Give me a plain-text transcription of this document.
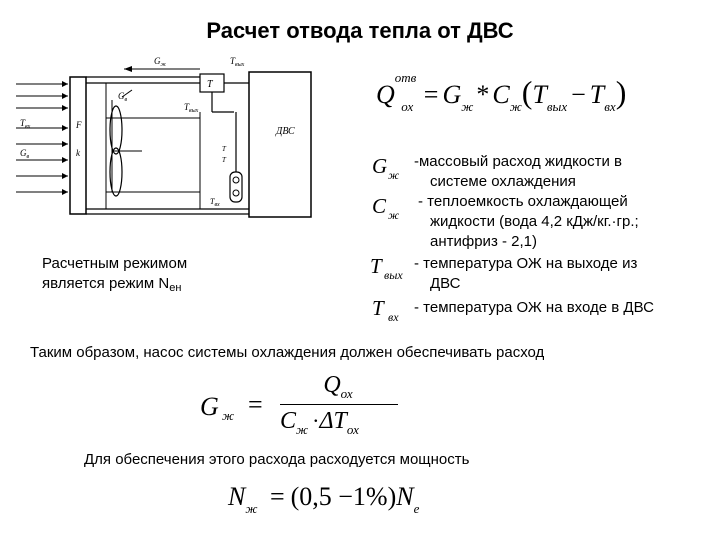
Расчет отвода тепла от ДВС
ДВС
T
$G_ж$	$T_{вых}$
$G_в$
$T_{вых}$
T
T
$T_{вх}$
$T_{вх}$
$G_в$
F
k
Q
отв
$_{ох} = G_ж * C_ж(T_{вых} - T_{вх})$
G ж
-массовый расход жидкости в
системе охлаждения
C ж
- теплоемкость охлаждающей
жидкости (вода 4,2 кДж/кг.·гр.;
антифриз - 2,1)
T вых
- температура ОЖ на выходе из
ДВС
T вх
- температура ОЖ на входе в ДВС
Расчетным режимом
является режим $N_{ен}$
Таким образом, насос системы охлаждения должен обеспечивать расход
G ж =
$Q_{ох}$
$C_ж \cdot\Delta T_{ох}$
Для обеспечения этого расхода расходуется мощность
$N_ж = (0,5 -1\%)N_е$
